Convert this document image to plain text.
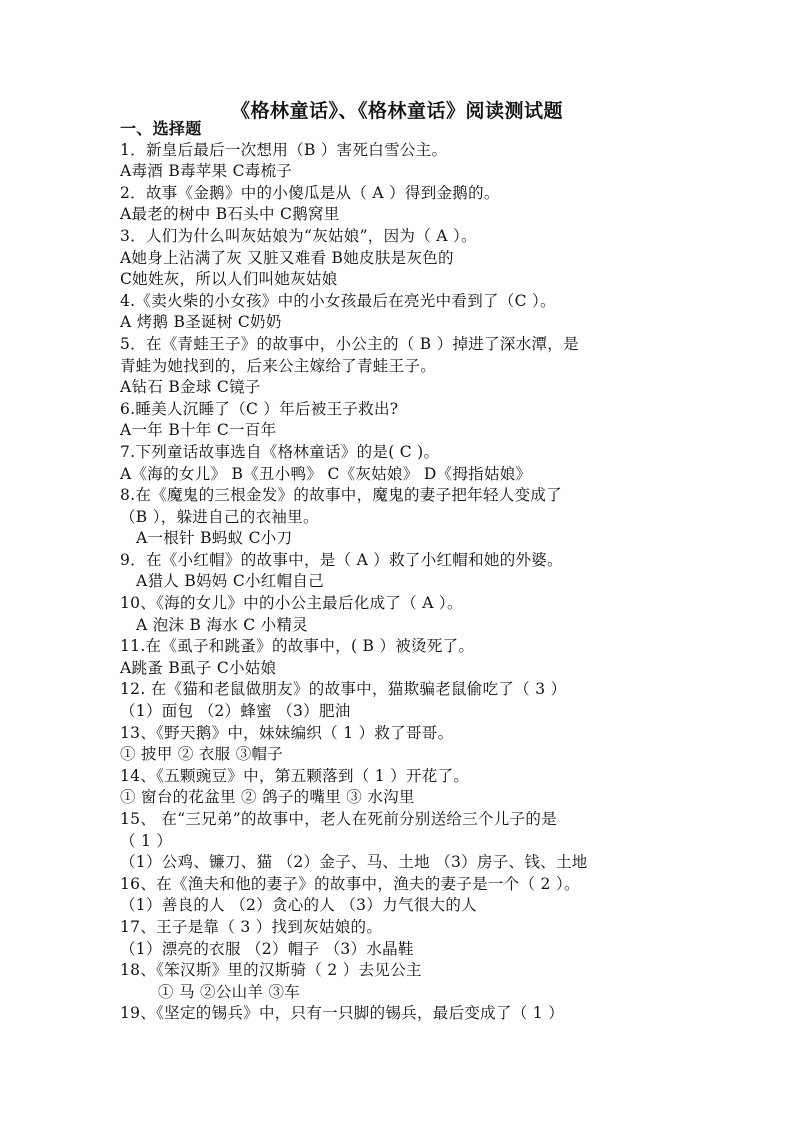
《格林童话》、《格林童话》阅读测试题
一、选择题
1．新皇后最后一次想用（B ）害死白雪公主。
A毒酒 B毒苹果 C毒梳子
2．故事《金鹅》中的小傻瓜是从（ A ）得到金鹅的。
A最老的树中 B石头中 C鹅窝里
3．人们为什么叫灰姑娘为“灰姑娘”，因为（ A ）。
A她身上沾满了灰 又脏又难看 B她皮肤是灰色的
C她姓灰，所以人们叫她灰姑娘
4.《卖火柴的小女孩》中的小女孩最后在亮光中看到了（C ）。
A 烤鹅 B圣诞树 C奶奶
5．在《青蛙王子》的故事中，小公主的（ B ）掉进了深水潭，是
青蛙为她找到的，后来公主嫁给了青蛙王子。
A钻石 B金球 C镜子
6.睡美人沉睡了（C ）年后被王子救出?
A一年 B十年 C一百年
7.下列童话故事选自《格林童话》的是( C )。
A《海的女儿》 B《丑小鸭》 C《灰姑娘》 D《拇指姑娘》
8.在《魔鬼的三根金发》的故事中，魔鬼的妻子把年轻人变成了
（B ），躲进自己的衣袖里。
A一根针 B蚂蚁 C小刀
9．在《小红帽》的故事中，是（ A ）救了小红帽和她的外婆。
A猎人 B妈妈 C小红帽自己
10、《海的女儿》中的小公主最后化成了（ A ）。
A 泡沫 B 海水 C 小精灵
11.在《虱子和跳蚤》的故事中，( B ）被烫死了。
A跳蚤 B虱子 C小姑娘
12. 在《猫和老鼠做朋友》的故事中，猫欺骗老鼠偷吃了（ 3 ）
（1）面包 （2）蜂蜜 （3）肥油
13、《野天鹅》中，妹妹编织（ 1 ）救了哥哥。
① 披甲 ② 衣服 ③帽子
14、《五颗豌豆》中，第五颗落到（ 1 ）开花了。
① 窗台的花盆里 ② 鸽子的嘴里 ③ 水沟里
15、 在“三兄弟”的故事中，老人在死前分别送给三个儿子的是
（ 1 ）
（1）公鸡、镰刀、猫 （2）金子、马、土地 （3）房子、钱、土地
16、在《渔夫和他的妻子》的故事中，渔夫的妻子是一个（ 2 ）。
（1）善良的人 （2）贪心的人 （3）力气很大的人
17、王子是靠（ 3 ）找到灰姑娘的。
（1）漂亮的衣服 （2）帽子 （3）水晶鞋
18、《笨汉斯》里的汉斯骑（ 2 ）去见公主
① 马 ②公山羊 ③车
19、《坚定的锡兵》中，只有一只脚的锡兵，最后变成了（ 1 ）
